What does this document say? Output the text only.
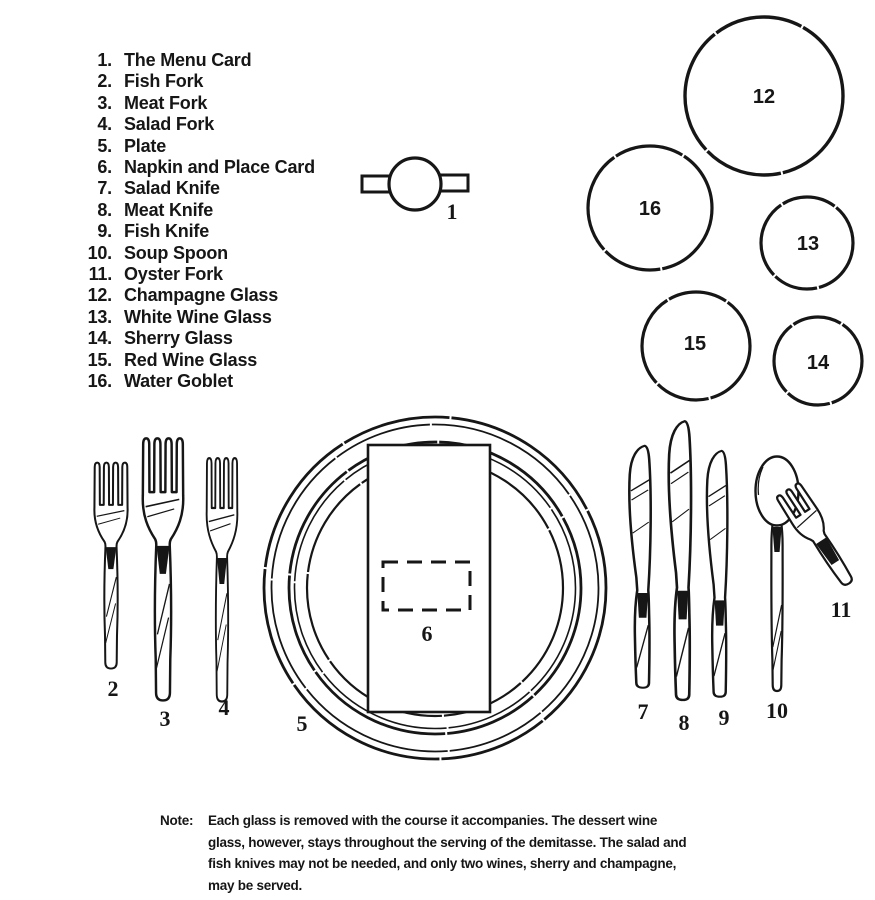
1. The Menu Card
2. Fish Fork
3. Meat Fork
4. Salad Fork
5. Plate
6. Napkin and Place Card
7. Salad Knife
8. Meat Knife
9. Fish Knife
10. Soup Spoon
11. Oyster Fork
12. Champagne Glass
13. White Wine Glass
14. Sherry Glass
15. Red Wine Glass
16. Water Goblet
12
16
13
15
14
1
5
6
2
3 4	7 8 9 10
11
Note:	Each glass is removed with the course it accompanies. The dessert wine
glass, however, stays throughout the serving of the demitasse. The salad and
fish knives may not be needed, and only two wines, sherry and champagne,
may be served.
